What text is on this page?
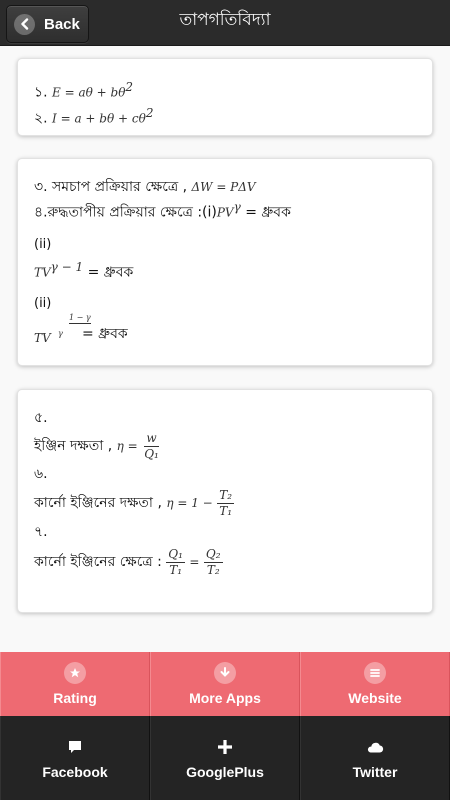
তাপগতিবিদ্যা
Back
১. $E = a\theta + b\theta^2$
২. $I = a + b\theta + c\theta^2$
৩. সমচাপ প্রক্রিয়ার ক্ষেত্রে , ΔW = PΔV
৪.রুদ্ধতাপীয় প্রক্রিয়ার ক্ষেত্রে $:(i)PV^\gamma$ = ধ্রুবক
(ii)
$TV^{\gamma - 1}$ = ধ্রুবক
(ii)
1 − γ
TV γ = ধ্রুবক
৫.
ইঞ্জিন দক্ষতা ,
η =
$\frac{w}{\text{Q₁}}$
৬.
কার্নো ইঞ্জিনের দক্ষতা ,
η = 1 −
$\frac{\text{T₂}}{\text{T₁}}$
৭.
কার্নো ইঞ্জিনের ক্ষেত্রে :
$\frac{\text{Q₁}}{\text{T₁}}$
=
$\frac{\text{Q₂}}{\text{T₂}}$
Rating	More Apps	Website
Facebook	GooglePlus	Twitter
